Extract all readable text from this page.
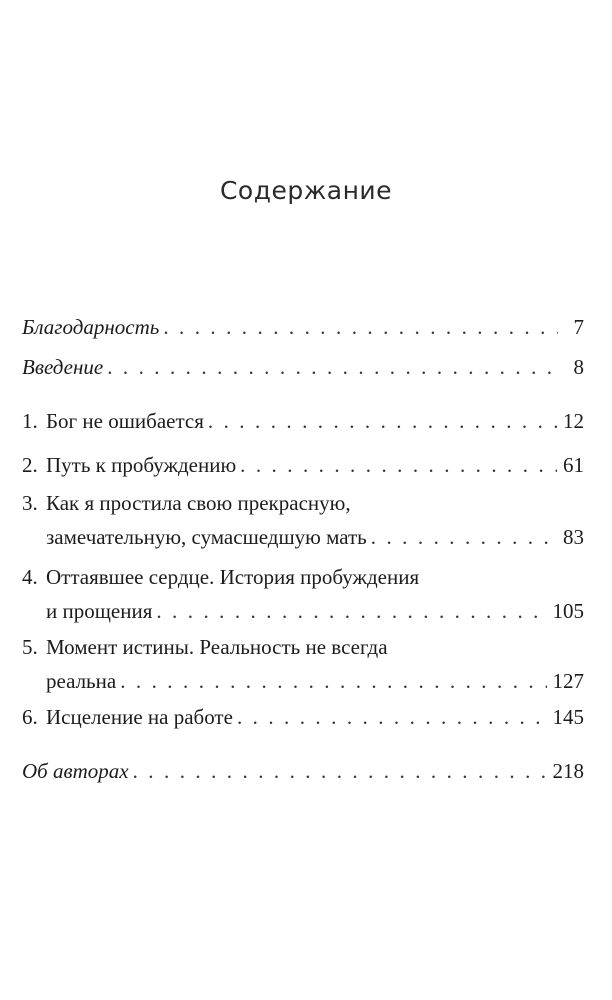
Содержание
Благодарность . . .	7
Введение . . .	8
1. Бог не ошибается . . .	12
2. Путь к пробуждению . . .	61
3. Как я простила свою прекрасную,
замечательную, сумасшедшую мать . . .	83
4. Оттаявшее сердце. История пробуждения
и прощения . . .	105
5. Момент истины. Реальность не всегда
реальна . . .	127
6. Исцеление на работе . . .	145
Об авторах . . .	218
